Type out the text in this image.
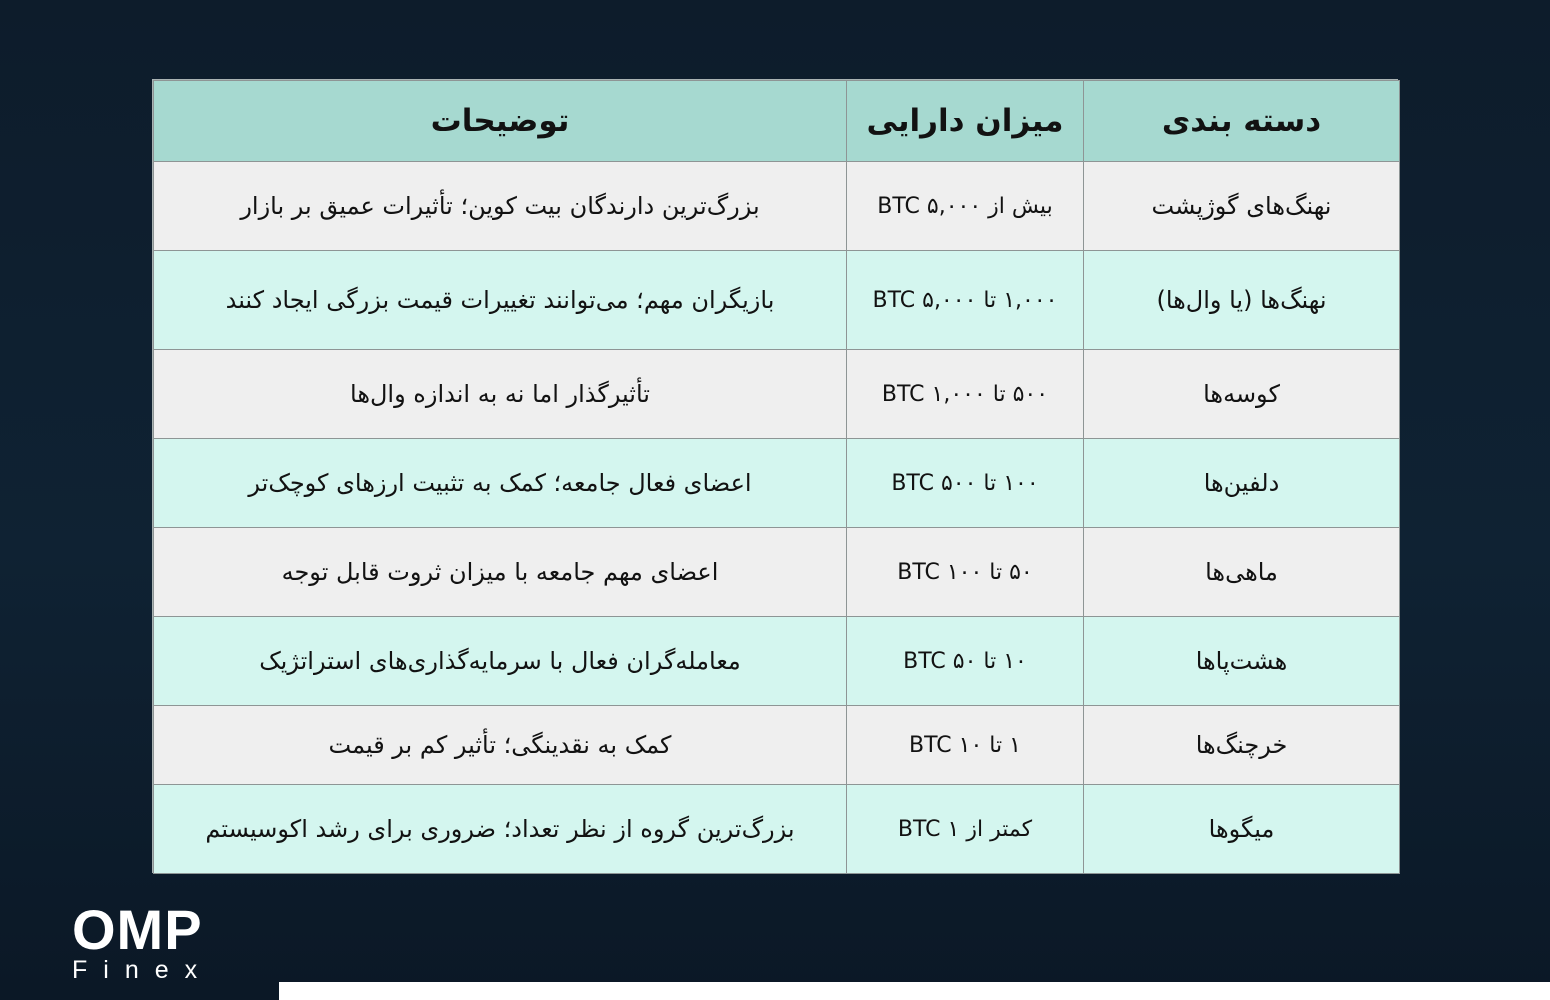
دسته بندی	میزان دارایی	توضیحات
نهنگ‌های گوژپشت	بیش از ۵,۰۰۰ BTC	بزرگ‌ترین دارندگان بیت کوین؛ تأثیرات عمیق بر بازار
نهنگ‌ها (یا وال‌ها)	۱,۰۰۰ تا ۵,۰۰۰ BTC	بازیگران مهم؛ می‌توانند تغییرات قیمت بزرگی ایجاد کنند
کوسه‌ها	۵۰۰ تا ۱,۰۰۰ BTC	تأثیرگذار اما نه به اندازه وال‌ها
دلفین‌ها	۱۰۰ تا ۵۰۰ BTC	اعضای فعال جامعه؛ کمک به تثبیت ارزهای کوچک‌تر
ماهی‌ها	۵۰ تا ۱۰۰ BTC	اعضای مهم جامعه با میزان ثروت قابل توجه
هشت‌پاها	۱۰ تا ۵۰ BTC	معامله‌گران فعال با سرمایه‌گذاری‌های استراتژیک
خرچنگ‌ها	۱ تا ۱۰ BTC	کمک به نقدینگی؛ تأثیر کم بر قیمت
میگوها	کمتر از ۱ BTC	بزرگ‌ترین گروه از نظر تعداد؛ ضروری برای رشد اکوسیستم
OMP
Finex
